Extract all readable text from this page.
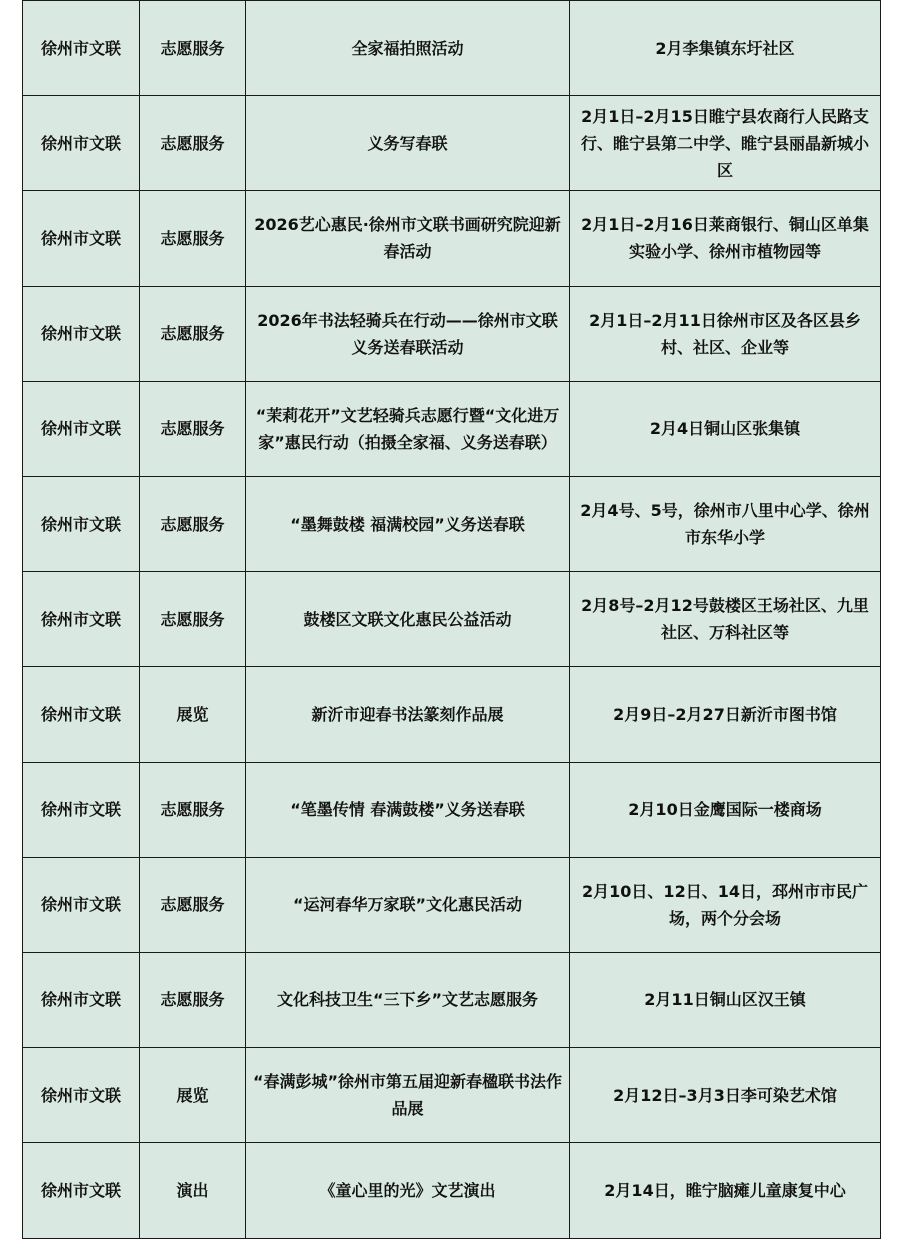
徐州市文联	志愿服务	全家福拍照活动	2月李集镇东圩社区
徐州市文联	志愿服务	义务写春联	2月1日–2月15日睢宁县农商行人民路支行、睢宁县第二中学、睢宁县丽晶新城小区
徐州市文联	志愿服务	2026艺心惠民·徐州市文联书画研究院迎新春活动	2月1日–2月16日莱商银行、铜山区单集实验小学、徐州市植物园等
徐州市文联	志愿服务	2026年书法轻骑兵在行动——徐州市文联义务送春联活动	2月1日–2月11日徐州市区及各区县乡村、社区、企业等
徐州市文联	志愿服务	“茉莉花开”文艺轻骑兵志愿行暨“文化进万家”惠民行动（拍摄全家福、义务送春联）	2月4日铜山区张集镇
徐州市文联	志愿服务	“墨舞鼓楼 福满校园”义务送春联	2月4号、5号，徐州市八里中心学、徐州市东华小学
徐州市文联	志愿服务	鼓楼区文联文化惠民公益活动	2月8号–2月12号鼓楼区王场社区、九里社区、万科社区等
徐州市文联	展览	新沂市迎春书法篆刻作品展	2月9日–2月27日新沂市图书馆
徐州市文联	志愿服务	“笔墨传情 春满鼓楼”义务送春联	2月10日金鹰国际一楼商场
徐州市文联	志愿服务	“运河春华万家联”文化惠民活动	2月10日、12日、14日，邳州市市民广场，两个分会场
徐州市文联	志愿服务	文化科技卫生“三下乡”文艺志愿服务	2月11日铜山区汉王镇
徐州市文联	展览	“春满彭城”徐州市第五届迎新春楹联书法作品展	2月12日–3月3日李可染艺术馆
徐州市文联	演出	《童心里的光》文艺演出	2月14日，睢宁脑瘫儿童康复中心
